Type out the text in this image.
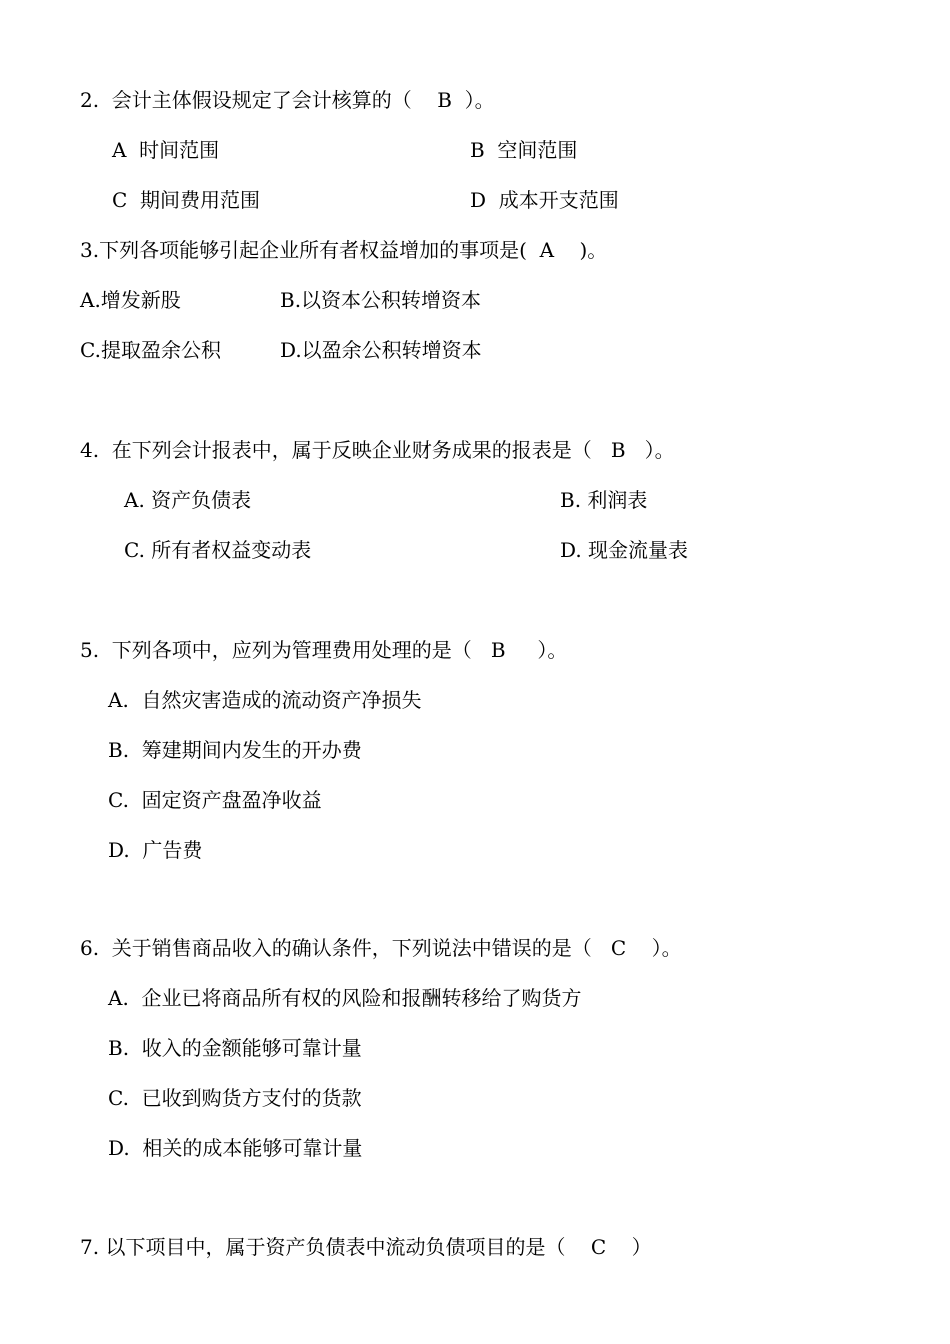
2.  会计主体假设规定了会计核算的（    B  ）。
A  时间范围	B  空间范围
C  期间费用范围	D  成本开支范围
3.下列各项能够引起企业所有者权益增加的事项是(  A    )。
A.增发新股	B.以资本公积转增资本
C.提取盈余公积	D.以盈余公积转增资本
4.  在下列会计报表中，属于反映企业财务成果的报表是（   B   ）。
A. 资产负债表	B. 利润表
C. 所有者权益变动表	D. 现金流量表
5.  下列各项中，应列为管理费用处理的是（   B     ）。
A.  自然灾害造成的流动资产净损失
B.  筹建期间内发生的开办费
C.  固定资产盘盈净收益
D.  广告费
6.  关于销售商品收入的确认条件，下列说法中错误的是（   C    ）。
A.  企业已将商品所有权的风险和报酬转移给了购货方
B.  收入的金额能够可靠计量
C.  已收到购货方支付的货款
D.  相关的成本能够可靠计量
7. 以下项目中，属于资产负债表中流动负债项目的是（    C    ）
